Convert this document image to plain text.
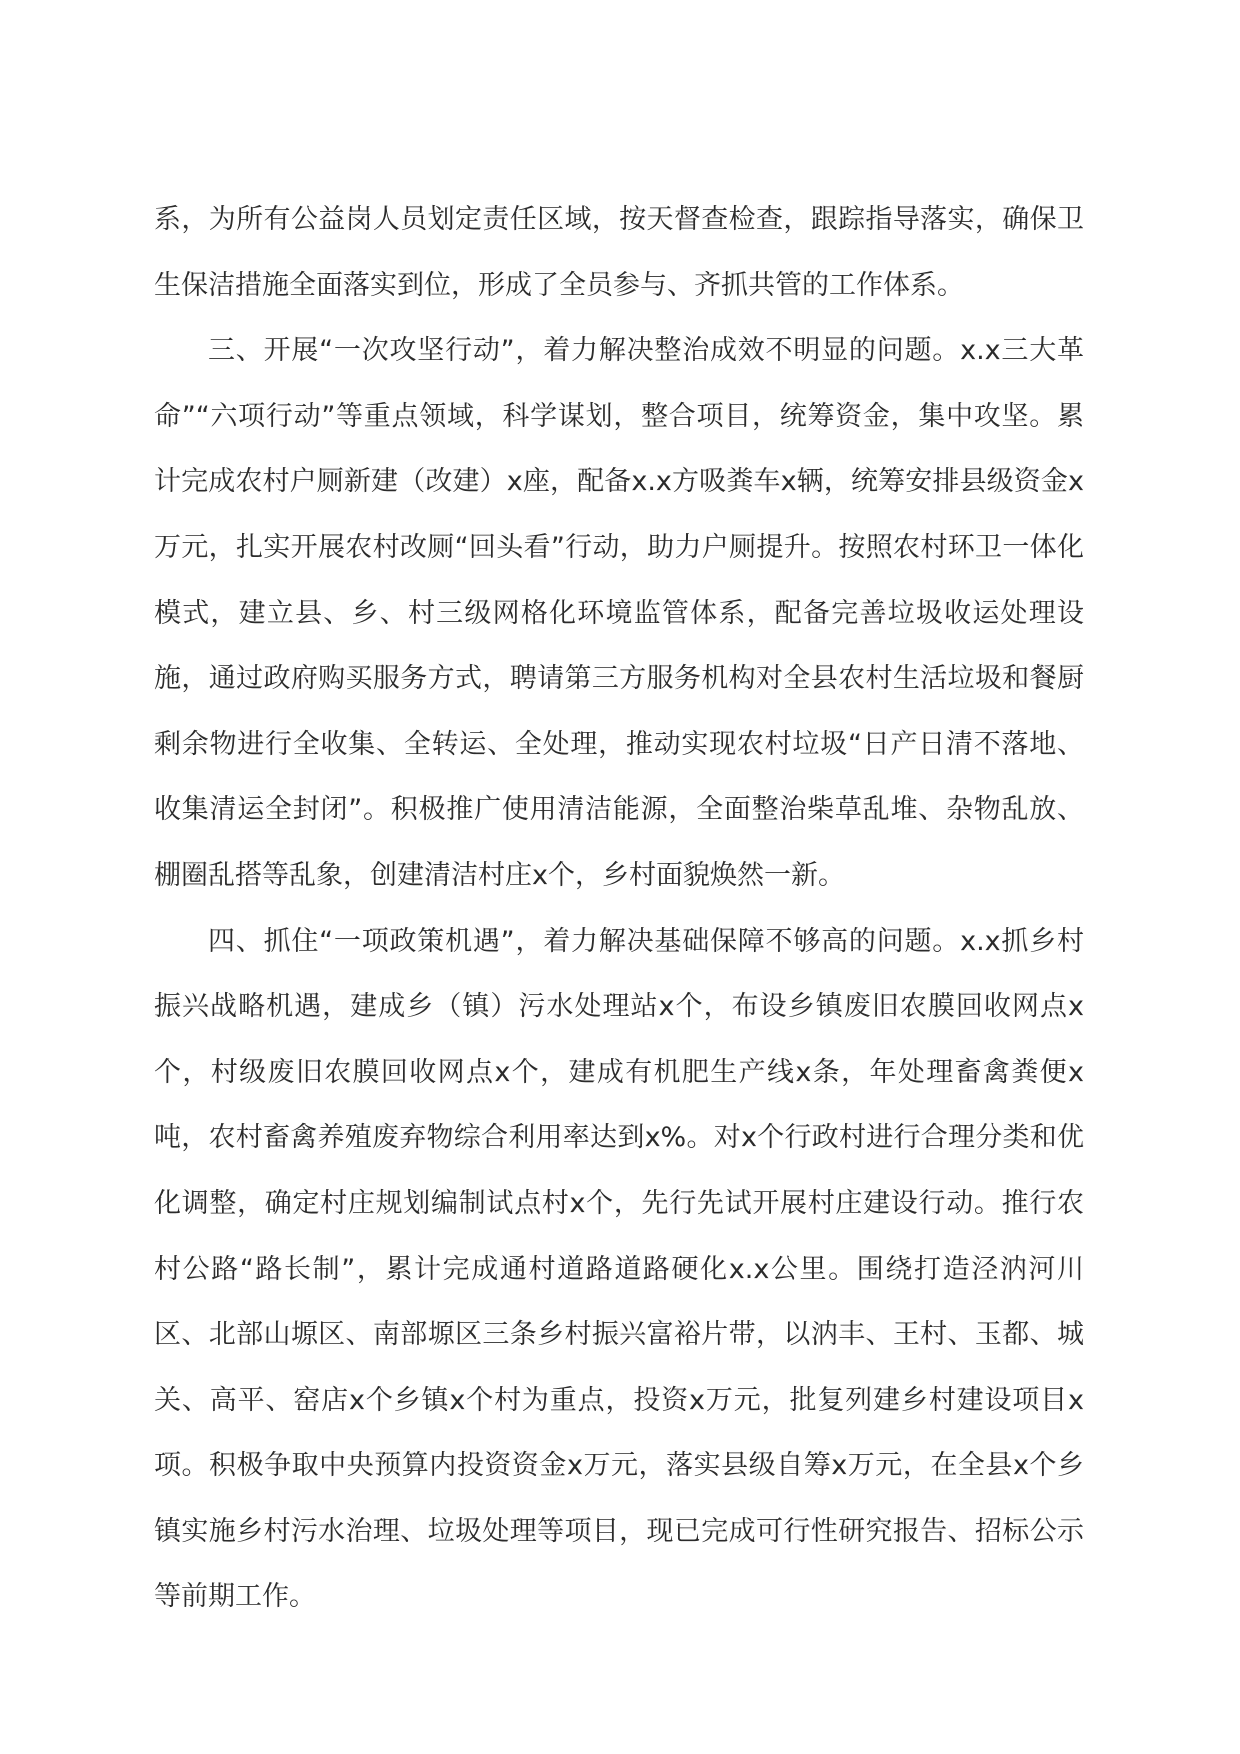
系，为所有公益岗人员划定责任区域，按天督查检查，跟踪指导落实，确保卫生保洁措施全面落实到位，形成了全员参与、齐抓共管的工作体系。

三、开展“一次攻坚行动”，着力解决整治成效不明显的问题。x.x三大革命”“六项行动”等重点领域，科学谋划，整合项目，统筹资金，集中攻坚。累计完成农村户厕新建（改建）x座，配备x.x方吸粪车x辆，统筹安排县级资金x万元，扎实开展农村改厕“回头看”行动，助力户厕提升。按照农村环卫一体化模式，建立县、乡、村三级网格化环境监管体系，配备完善垃圾收运处理设施，通过政府购买服务方式，聘请第三方服务机构对全县农村生活垃圾和餐厨剩余物进行全收集、全转运、全处理，推动实现农村垃圾“日产日清不落地、收集清运全封闭”。积极推广使用清洁能源，全面整治柴草乱堆、杂物乱放、棚圈乱搭等乱象，创建清洁村庄x个，乡村面貌焕然一新。

四、抓住“一项政策机遇”，着力解决基础保障不够高的问题。x.x抓乡村振兴战略机遇，建成乡（镇）污水处理站x个，布设乡镇废旧农膜回收网点x个，村级废旧农膜回收网点x个，建成有机肥生产线x条，年处理畜禽粪便x吨，农村畜禽养殖废弃物综合利用率达到x%。对x个行政村进行合理分类和优化调整，确定村庄规划编制试点村x个，先行先试开展村庄建设行动。推行农村公路“路长制”，累计完成通村道路道路硬化x.x公里。围绕打造泾汭河川区、北部山塬区、南部塬区三条乡村振兴富裕片带，以汭丰、王村、玉都、城关、高平、窑店x个乡镇x个村为重点，投资x万元，批复列建乡村建设项目x项。积极争取中央预算内投资资金x万元，落实县级自筹x万元，在全县x个乡镇实施乡村污水治理、垃圾处理等项目，现已完成可行性研究报告、招标公示等前期工作。
